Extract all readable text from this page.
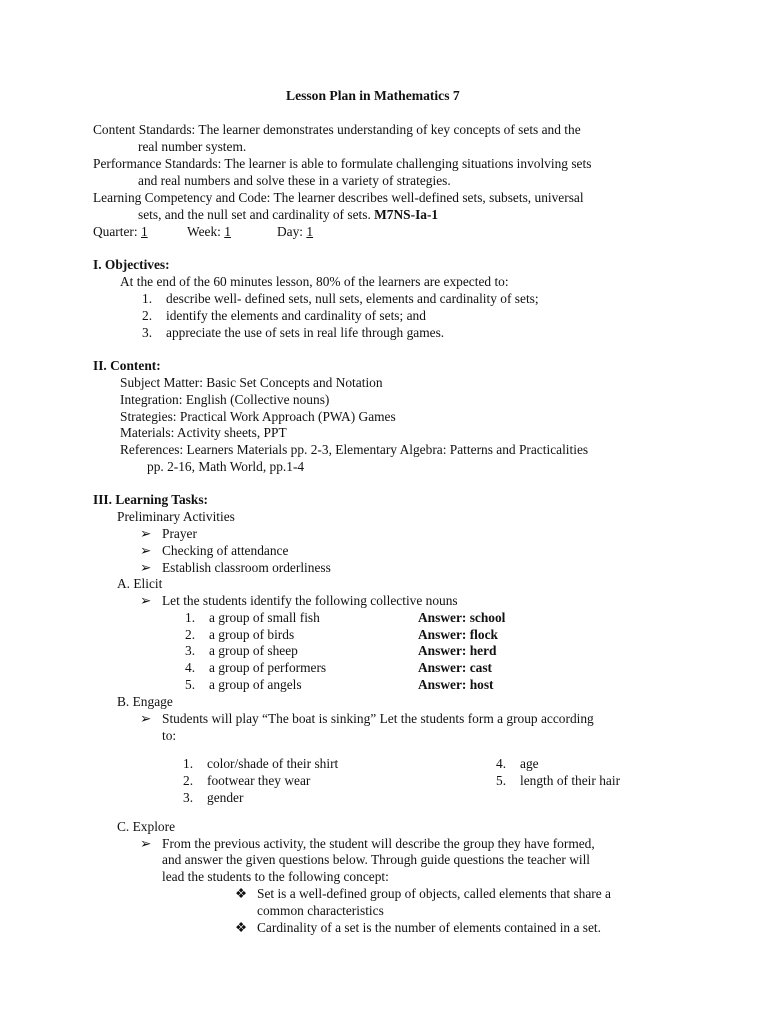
Lesson Plan in Mathematics 7
Content Standards: The learner demonstrates understanding of key concepts of sets and the
real number system.
Performance Standards: The learner is able to formulate challenging situations involving sets
and real numbers and solve these in a variety of strategies.
Learning Competency and Code: The learner describes well-defined sets, subsets, universal
sets, and the null set and cardinality of sets. M7NS-Ia-1
Quarter: 1	Week: 1	Day: 1
I. Objectives:
At the end of the 60 minutes lesson, 80% of the learners are expected to:
1. describe well- defined sets, null sets, elements and cardinality of sets;
2. identify the elements and cardinality of sets; and
3. appreciate the use of sets in real life through games.
II. Content:
Subject Matter: Basic Set Concepts and Notation
Integration: English (Collective nouns)
Strategies: Practical Work Approach (PWA) Games
Materials: Activity sheets, PPT
References: Learners Materials pp. 2-3, Elementary Algebra: Patterns and Practicalities
pp. 2-16, Math World, pp.1-4
III. Learning Tasks:
Preliminary Activities
➢ Prayer
➢ Checking of attendance
➢ Establish classroom orderliness
A. Elicit
➢ Let the students identify the following collective nouns
1. a group of small fish	Answer: school
2. a group of birds	Answer: flock
3. a group of sheep	Answer: herd
4. a group of performers	Answer: cast
5. a group of angels	Answer: host
B. Engage
➢ Students will play “The boat is sinking” Let the students form a group according
to:
1. color/shade of their shirt
2. footwear they wear
3. gender
4. age
5. length of their hair
C. Explore
➢ From the previous activity, the student will describe the group they have formed,
and answer the given questions below. Through guide questions the teacher will
lead the students to the following concept:
❖ Set is a well-defined group of objects, called elements that share a
common characteristics
❖ Cardinality of a set is the number of elements contained in a set.
